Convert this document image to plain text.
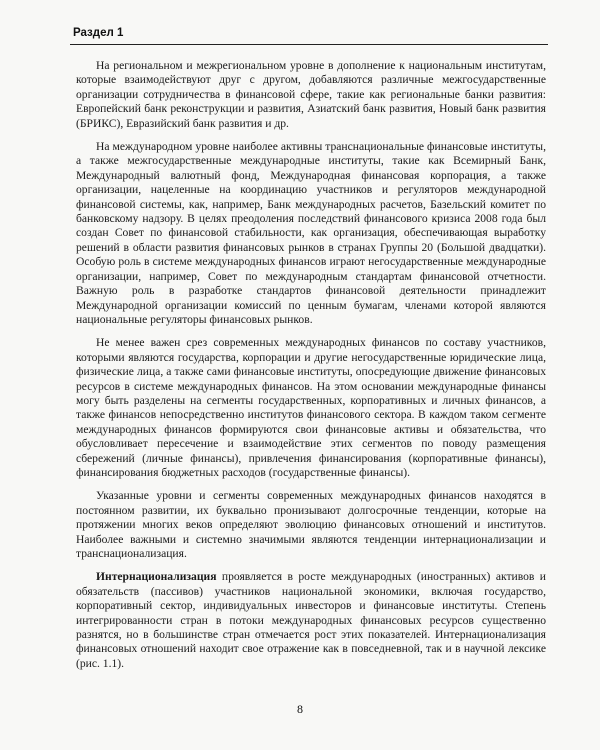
Раздел 1

На региональном и межрегиональном уровне в дополнение к национальным институтам, которые взаимодействуют друг с другом, добавляются различные межгосударственные организации сотрудничества в финансовой сфере, такие как региональные банки развития: Европейский банк реконструкции и развития, Азиатский банк развития, Новый банк развития (БРИКС), Евразийский банк развития и др.

На международном уровне наиболее активны транснациональные финансовые институты, а также межгосударственные международные институты, такие как Всемирный Банк, Международный валютный фонд, Международная финансовая корпорация, а также организации, нацеленные на координацию участников и регуляторов международной финансовой системы, как, например, Банк международных расчетов, Базельский комитет по банковскому надзору. В целях преодоления последствий финансового кризиса 2008 года был создан Совет по финансовой стабильности, как организация, обеспечивающая выработку решений в области развития финансовых рынков в странах Группы 20 (Большой двадцатки). Особую роль в системе международных финансов играют негосударственные международные организации, например, Совет по международным стандартам финансовой отчетности. Важную роль в разработке стандартов финансовой деятельности принадлежит Международной организации комиссий по ценным бумагам, членами которой являются национальные регуляторы финансовых рынков.

Не менее важен срез современных международных финансов по составу участников, которыми являются государства, корпорации и другие негосударственные юридические лица, физические лица, а также сами финансовые институты, опосредующие движение финансовых ресурсов в системе международных финансов. На этом основании международные финансы могу быть разделены на сегменты государственных, корпоративных и личных финансов, а также финансов непосредственно институтов финансового сектора. В каждом таком сегменте международных финансов формируются свои финансовые активы и обязательства, что обусловливает пересечение и взаимодействие этих сегментов по поводу размещения сбережений (личные финансы), привлечения финансирования (корпоративные финансы), финансирования бюджетных расходов (государственные финансы).

Указанные уровни и сегменты современных международных финансов находятся в постоянном развитии, их буквально пронизывают долгосрочные тенденции, которые на протяжении многих веков определяют эволюцию финансовых отношений и институтов. Наиболее важными и системно значимыми являются тенденции интернационализации и транснационализация.

Интернационализация проявляется в росте международных (иностранных) активов и обязательств (пассивов) участников национальной экономики, включая государство, корпоративный сектор, индивидуальных инвесторов и финансовые институты. Степень интегрированности стран в потоки международных финансовых ресурсов существенно разнятся, но в большинстве стран отмечается рост этих показателей. Интернационализация финансовых отношений находит свое отражение как в повседневной, так и в научной лексике (рис. 1.1).

8
